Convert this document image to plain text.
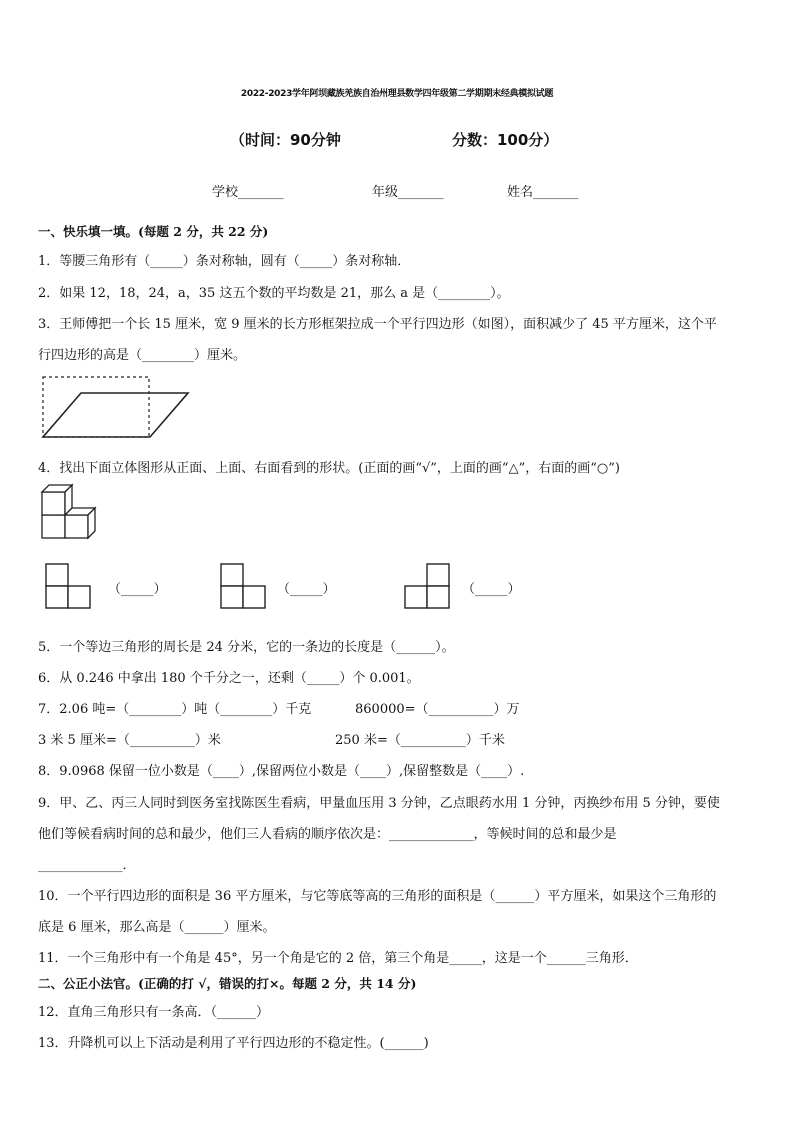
2022-2023学年阿坝藏族羌族自治州理县数学四年级第二学期期末经典模拟试题
（时间：90分钟	分数：100分）
学校_______	年级_______	姓名_______
一、快乐填一填。(每题 2 分，共 22 分)
1．等腰三角形有（_____）条对称轴，圆有（_____）条对称轴．
2．如果 12，18，24，a，35 这五个数的平均数是 21，那么 a 是（________）。
3．王师傅把一个长 15 厘米，宽 9 厘米的长方形框架拉成一个平行四边形（如图），面积减少了 45 平方厘米，这个平
行四边形的高是（________）厘米。
4．找出下面立体图形从正面、上面、右面看到的形状。(正面的画“√”，上面的画“△”，右面的画“○”)
（_____）	（_____）	（_____）
5．一个等边三角形的周长是 24 分米，它的一条边的长度是（______）。
6．从 0.246 中拿出 180 个千分之一，还剩（_____）个 0.001。
7．2.06 吨=（________）吨（________）千克	860000=（__________）万
3 米 5 厘米=（__________）米	250 米=（__________）千米
8．9.0968 保留一位小数是（____）,保留两位小数是（____）,保留整数是（____）.
9．甲、乙、丙三人同时到医务室找陈医生看病，甲量血压用 3 分钟，乙点眼药水用 1 分钟，丙换纱布用 5 分钟，要使
他们等候看病时间的总和最少，他们三人看病的顺序依次是：_____________，等候时间的总和最少是
_____________．
10．一个平行四边形的面积是 36 平方厘米，与它等底等高的三角形的面积是（______）平方厘米，如果这个三角形的
底是 6 厘米，那么高是（______）厘米。
11．一个三角形中有一个角是 45°，另一个角是它的 2 倍，第三个角是_____，这是一个______三角形．
二、公正小法官。(正确的打 √，错误的打×。每题 2 分，共 14 分)
12．直角三角形只有一条高．（______）
13．升降机可以上下活动是利用了平行四边形的不稳定性。(______)
